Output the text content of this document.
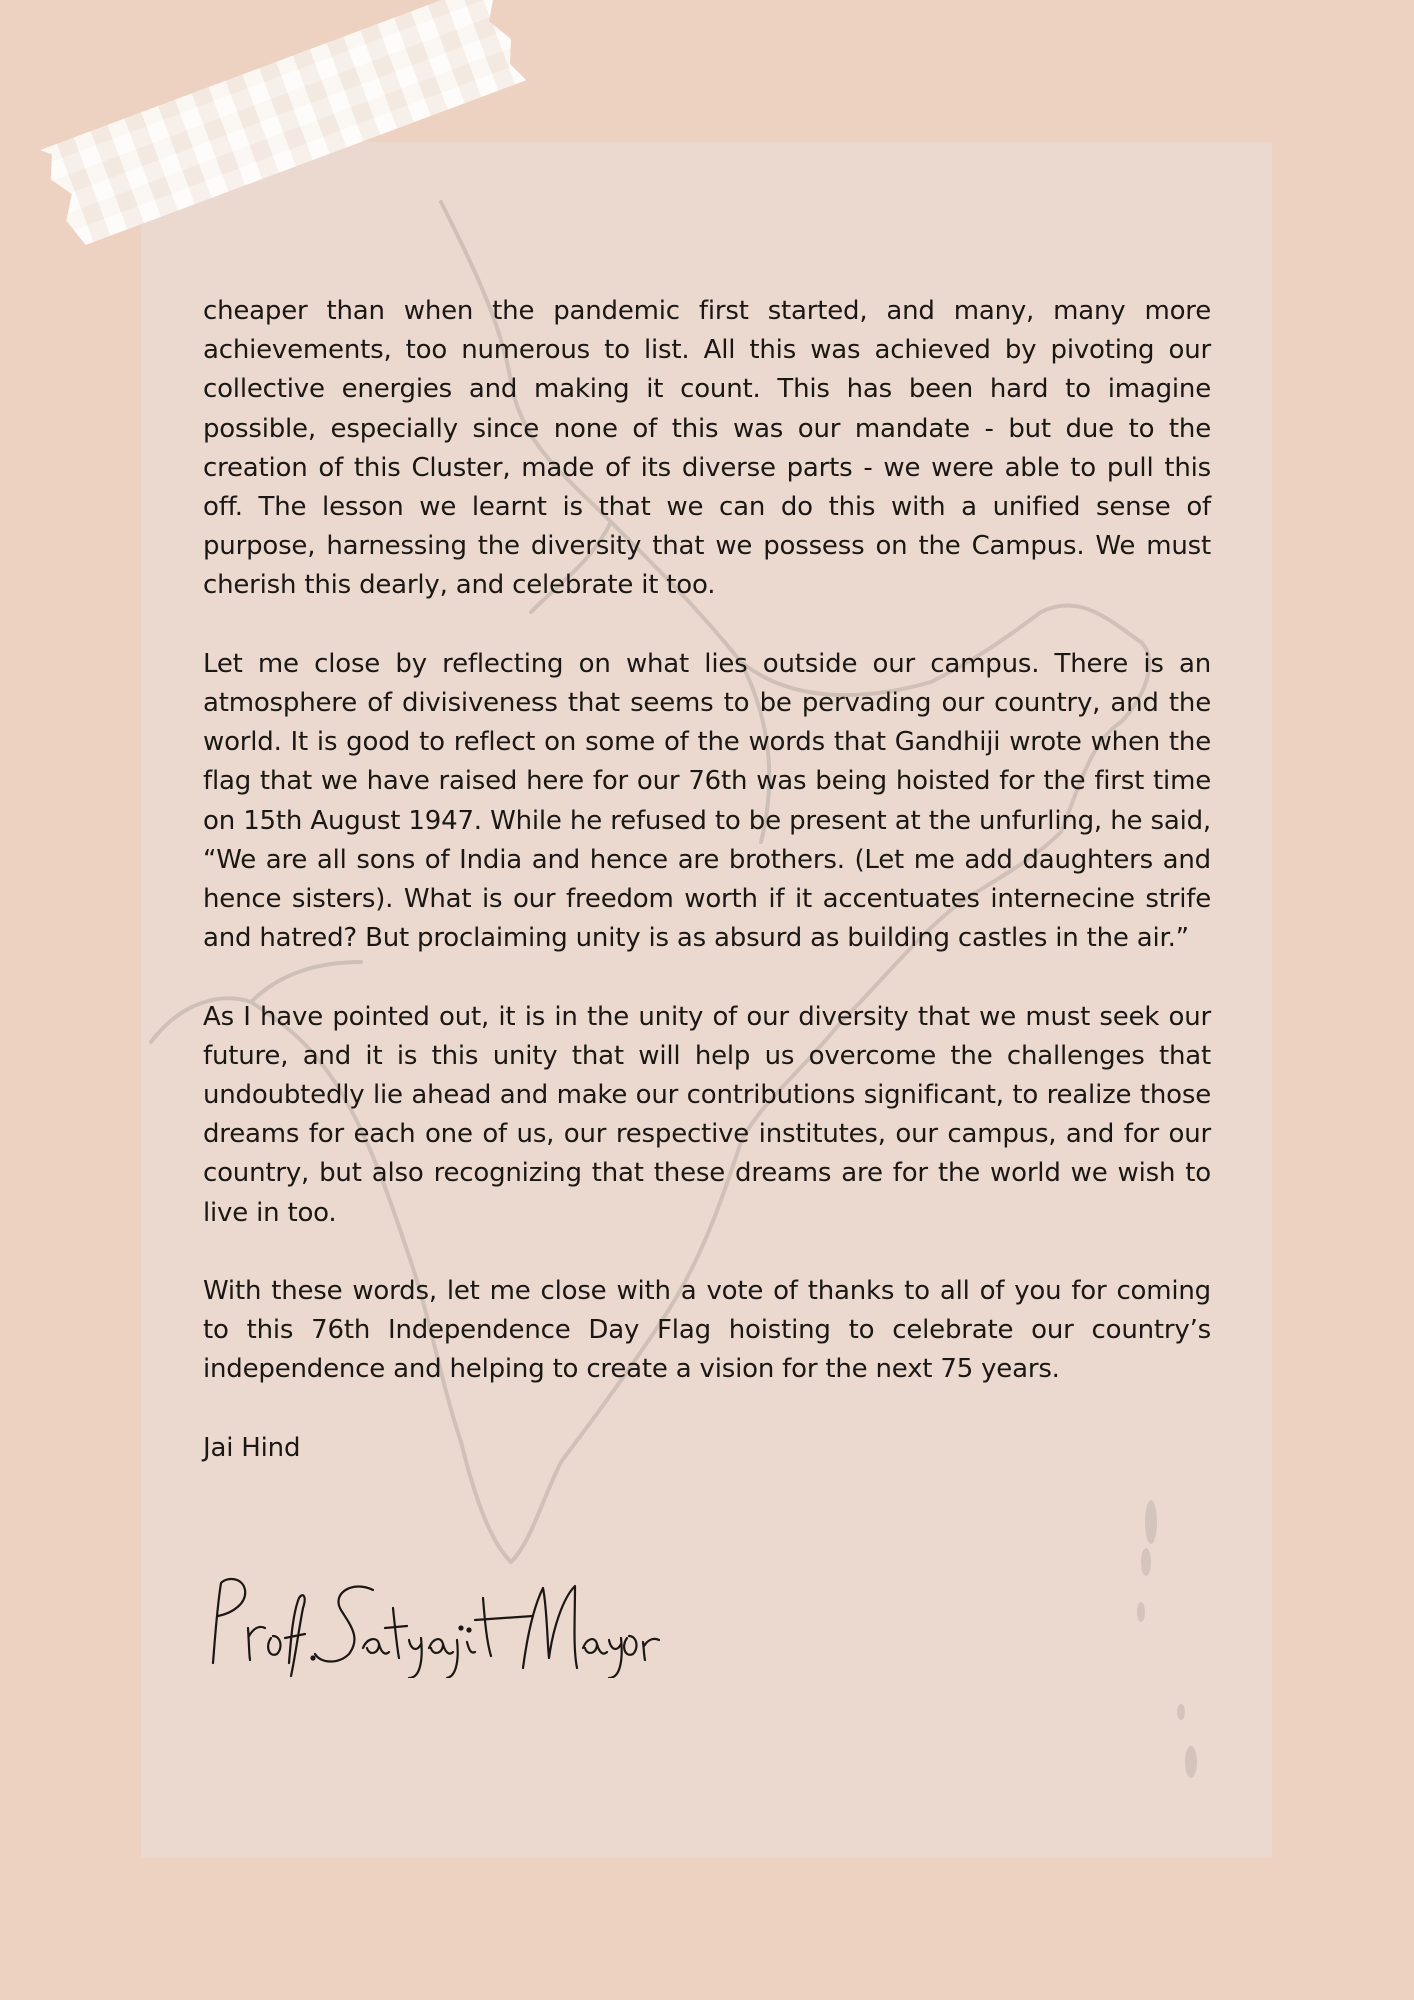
cheaper than when the pandemic first started, and many, many more achievements, too numerous to list. All this was achieved by pivoting our collective energies and making it count. This has been hard to imagine possible, especially since none of this was our mandate - but due to the creation of this Cluster, made of its diverse parts - we were able to pull this off. The lesson we learnt is that we can do this with a unified sense of purpose, harnessing the diversity that we possess on the Campus. We must cherish this dearly, and celebrate it too.

Let me close by reflecting on what lies outside our campus. There is an atmosphere of divisiveness that seems to be pervading our country, and the world. It is good to reflect on some of the words that Gandhiji wrote when the flag that we have raised here for our 76th was being hoisted for the first time on 15th August 1947. While he refused to be present at the unfurling, he said, “We are all sons of India and hence are brothers. (Let me add daughters and hence sisters). What is our freedom worth if it accentuates internecine strife and hatred? But proclaiming unity is as absurd as building castles in the air.”

As I have pointed out, it is in the unity of our diversity that we must seek our future, and it is this unity that will help us overcome the challenges that undoubtedly lie ahead and make our contributions significant, to realize those dreams for each one of us, our respective institutes, our campus, and for our country, but also recognizing that these dreams are for the world we wish to live in too.

With these words, let me close with a vote of thanks to all of you for coming to this 76th Independence Day Flag hoisting to celebrate our country’s independence and helping to create a vision for the next 75 years.

Jai Hind
